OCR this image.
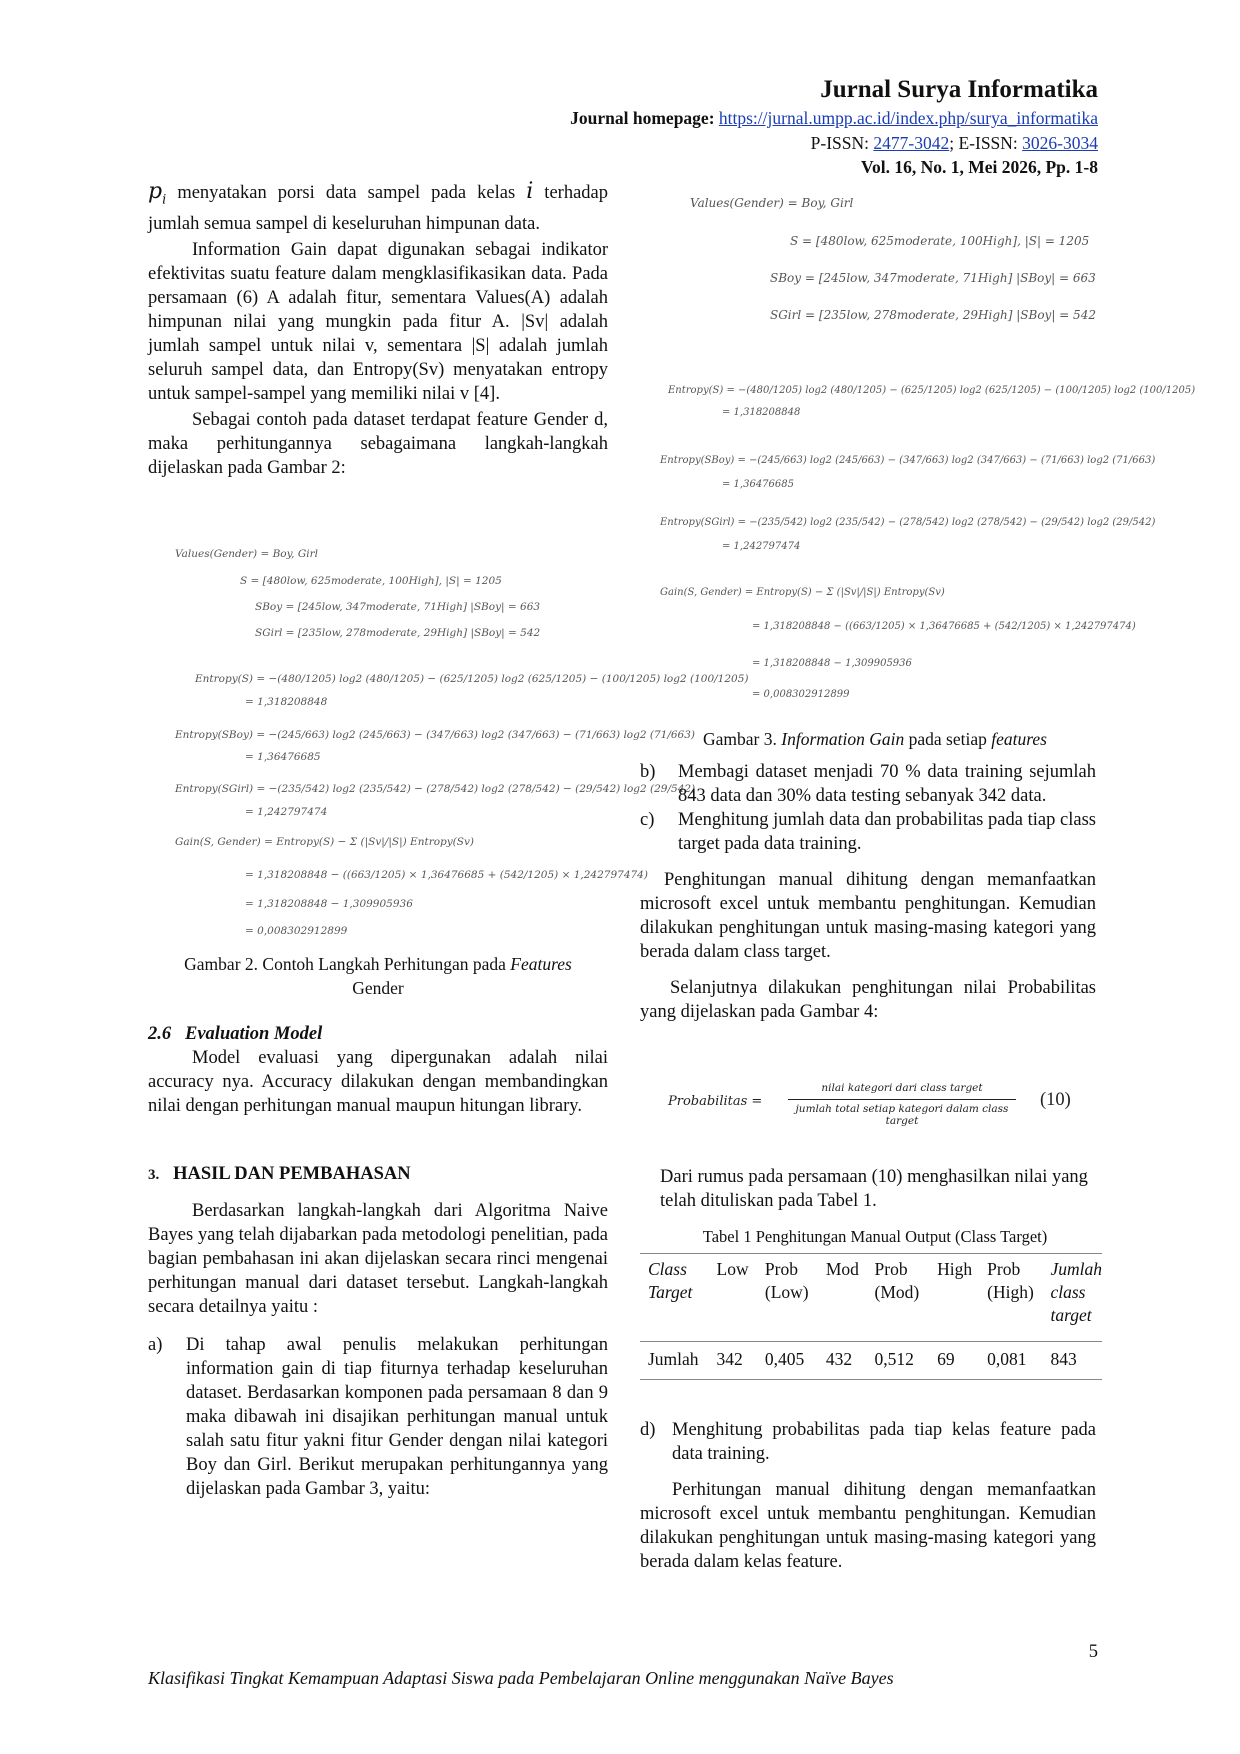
Jurnal Surya Informatika
Journal homepage: https://jurnal.umpp.ac.id/index.php/surya_informatika
P-ISSN: 2477-3042; E-ISSN: 3026-3034
Vol. 16, No. 1, Mei 2026, Pp. 1-8

$p_i$ menyatakan porsi data sampel pada kelas i terhadap jumlah semua sampel di keseluruhan himpunan data.

Information Gain dapat digunakan sebagai indikator efektivitas suatu feature dalam mengklasifikasikan data. Pada persamaan (6) A adalah fitur, sementara Values(A) adalah himpunan nilai yang mungkin pada fitur A. |Sv| adalah jumlah sampel untuk nilai v, sementara |S| adalah jumlah seluruh sampel data, dan Entropy(Sv) menyatakan entropy untuk sampel-sampel yang memiliki nilai v [4].

Sebagai contoh pada dataset terdapat feature Gender d, maka perhitungannya sebagaimana langkah-langkah dijelaskan pada Gambar 2:

Values(Gender) = Boy, Girl
S = [480low, 625moderate, 100High], |S| = 1205
SBoy = [245low, 347moderate, 71High] |SBoy| = 663
SGirl = [235low, 278moderate, 29High] |SBoy| = 542
Entropy(S) = −(480/1205) log2 (480/1205) − (625/1205) log2 (625/1205) − (100/1205) log2 (100/1205)
= 1,318208848
Entropy(SBoy) = −(245/663) log2 (245/663) − (347/663) log2 (347/663) − (71/663) log2 (71/663)
= 1,36476685
Entropy(SGirl) = −(235/542) log2 (235/542) − (278/542) log2 (278/542) − (29/542) log2 (29/542)
= 1,242797474
Gain(S, Gender) = Entropy(S) − Σ (|Sv|/|S|) Entropy(Sv)
= 1,318208848 − ((663/1205) × 1,36476685 + (542/1205) × 1,242797474)
= 1,318208848 − 1,309905936
= 0,008302912899
Gambar 2. Contoh Langkah Perhitungan pada Features
Gender

2.6 Evaluation Model

Model evaluasi yang dipergunakan adalah nilai accuracy nya. Accuracy dilakukan dengan membandingkan nilai dengan perhitungan manual maupun hitungan library.

3. HASIL DAN PEMBAHASAN

Berdasarkan langkah-langkah dari Algoritma Naive Bayes yang telah dijabarkan pada metodologi penelitian, pada bagian pembahasan ini akan dijelaskan secara rinci mengenai perhitungan manual dari dataset tersebut. Langkah-langkah secara detailnya yaitu :

a)	Di tahap awal penulis melakukan perhitungan information gain di tiap fiturnya terhadap keseluruhan dataset. Berdasarkan komponen pada persamaan 8 dan 9 maka dibawah ini disajikan perhitungan manual untuk salah satu fitur yakni fitur Gender dengan nilai kategori Boy dan Girl. Berikut merupakan perhitungannya yang dijelaskan pada Gambar 3, yaitu:
Values(Gender) = Boy, Girl
S = [480low, 625moderate, 100High], |S| = 1205
SBoy = [245low, 347moderate, 71High] |SBoy| = 663
SGirl = [235low, 278moderate, 29High] |SBoy| = 542
Entropy(S) = −(480/1205) log2 (480/1205) − (625/1205) log2 (625/1205) − (100/1205) log2 (100/1205)
= 1,318208848
Entropy(SBoy) = −(245/663) log2 (245/663) − (347/663) log2 (347/663) − (71/663) log2 (71/663)
= 1,36476685
Entropy(SGirl) = −(235/542) log2 (235/542) − (278/542) log2 (278/542) − (29/542) log2 (29/542)
= 1,242797474
Gain(S, Gender) = Entropy(S) − Σ (|Sv|/|S|) Entropy(Sv)
= 1,318208848 − ((663/1205) × 1,36476685 + (542/1205) × 1,242797474)
= 1,318208848 − 1,309905936
= 0,008302912899
Gambar 3. Information Gain pada setiap features
b)	Membagi dataset menjadi 70 % data training sejumlah 843 data dan 30% data testing sebanyak 342 data.
c)	Menghitung jumlah data dan probabilitas pada tiap class target pada data training.

Penghitungan manual dihitung dengan memanfaatkan microsoft excel untuk membantu penghitungan. Kemudian dilakukan penghitungan untuk masing-masing kategori yang berada dalam class target.

Selanjutnya dilakukan penghitungan nilai Probabilitas yang dijelaskan pada Gambar 4:

Probabilitas =
nilai kategori dari class target
jumlah total setiap kategori dalam class target
(10)
Dari rumus pada persamaan (10) menghasilkan nilai yang telah dituliskan pada Tabel 1.
Tabel 1 Penghitungan Manual Output (Class Target)
Class Target	Low	Prob (Low)	Mod	Prob (Mod)	High	Prob (High)	Jumlah class target
Jumlah	342	0,405	432	0,512	69	0,081	843
d) Menghitung probabilitas pada tiap kelas feature pada data training.

Perhitungan manual dihitung dengan memanfaatkan microsoft excel untuk membantu penghitungan. Kemudian dilakukan penghitungan untuk masing-masing kategori yang berada dalam kelas feature.

5
Klasifikasi Tingkat Kemampuan Adaptasi Siswa pada Pembelajaran Online menggunakan Naïve Bayes
